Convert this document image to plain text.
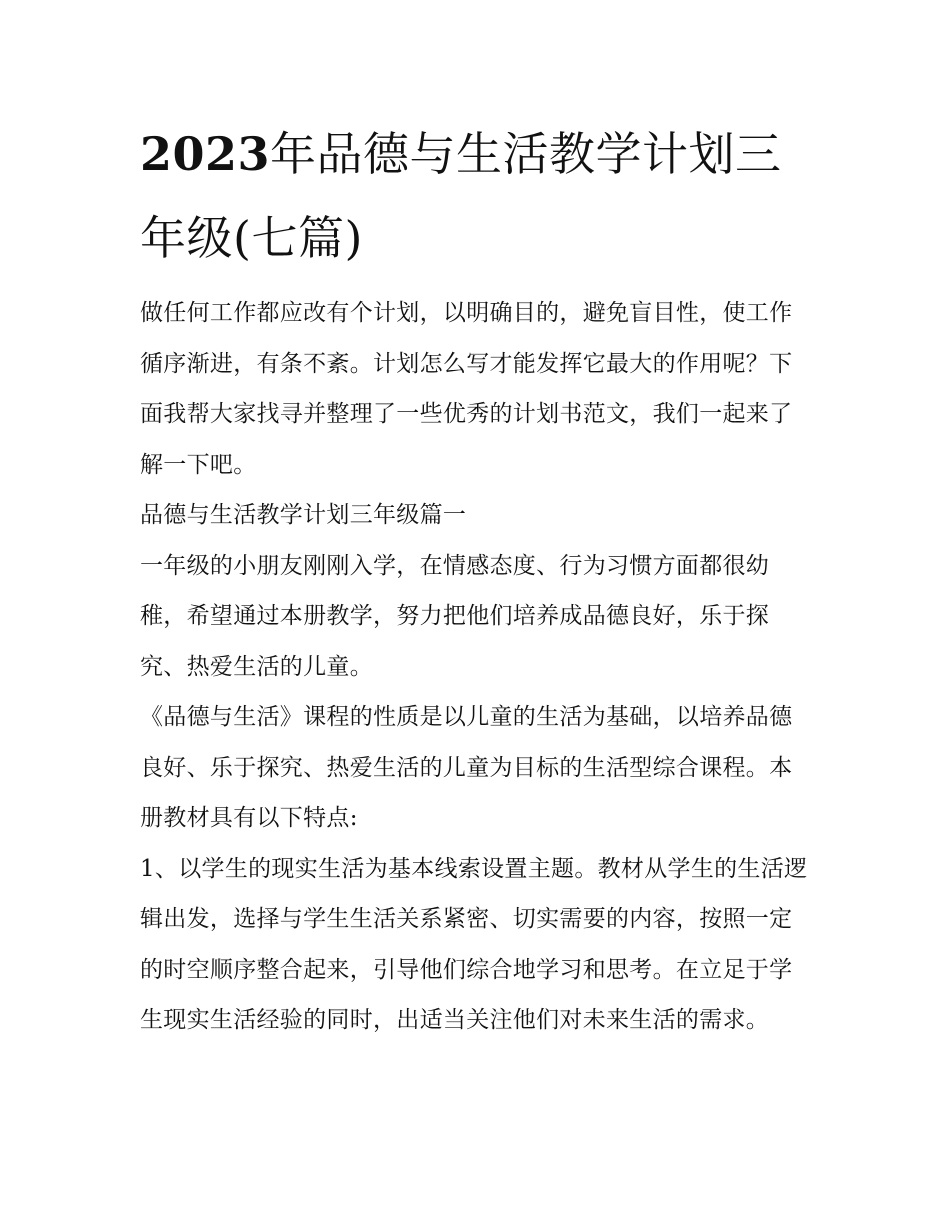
2023年品德与生活教学计划三年级(七篇)

做任何工作都应改有个计划，以明确目的，避免盲目性，使工作循序渐进，有条不紊。计划怎么写才能发挥它最大的作用呢？下面我帮大家找寻并整理了一些优秀的计划书范文，我们一起来了解一下吧。

品德与生活教学计划三年级篇一

一年级的小朋友刚刚入学，在情感态度、行为习惯方面都很幼稚，希望通过本册教学，努力把他们培养成品德良好，乐于探究、热爱生活的儿童。

《品德与生活》课程的性质是以儿童的生活为基础，以培养品德良好、乐于探究、热爱生活的儿童为目标的生活型综合课程。本册教材具有以下特点:

1、以学生的现实生活为基本线索设置主题。教材从学生的生活逻辑出发，选择与学生生活关系紧密、切实需要的内容，按照一定的时空顺序整合起来，引导他们综合地学习和思考。在立足于学生现实生活经验的同时，出适当关注他们对未来生活的需求。
